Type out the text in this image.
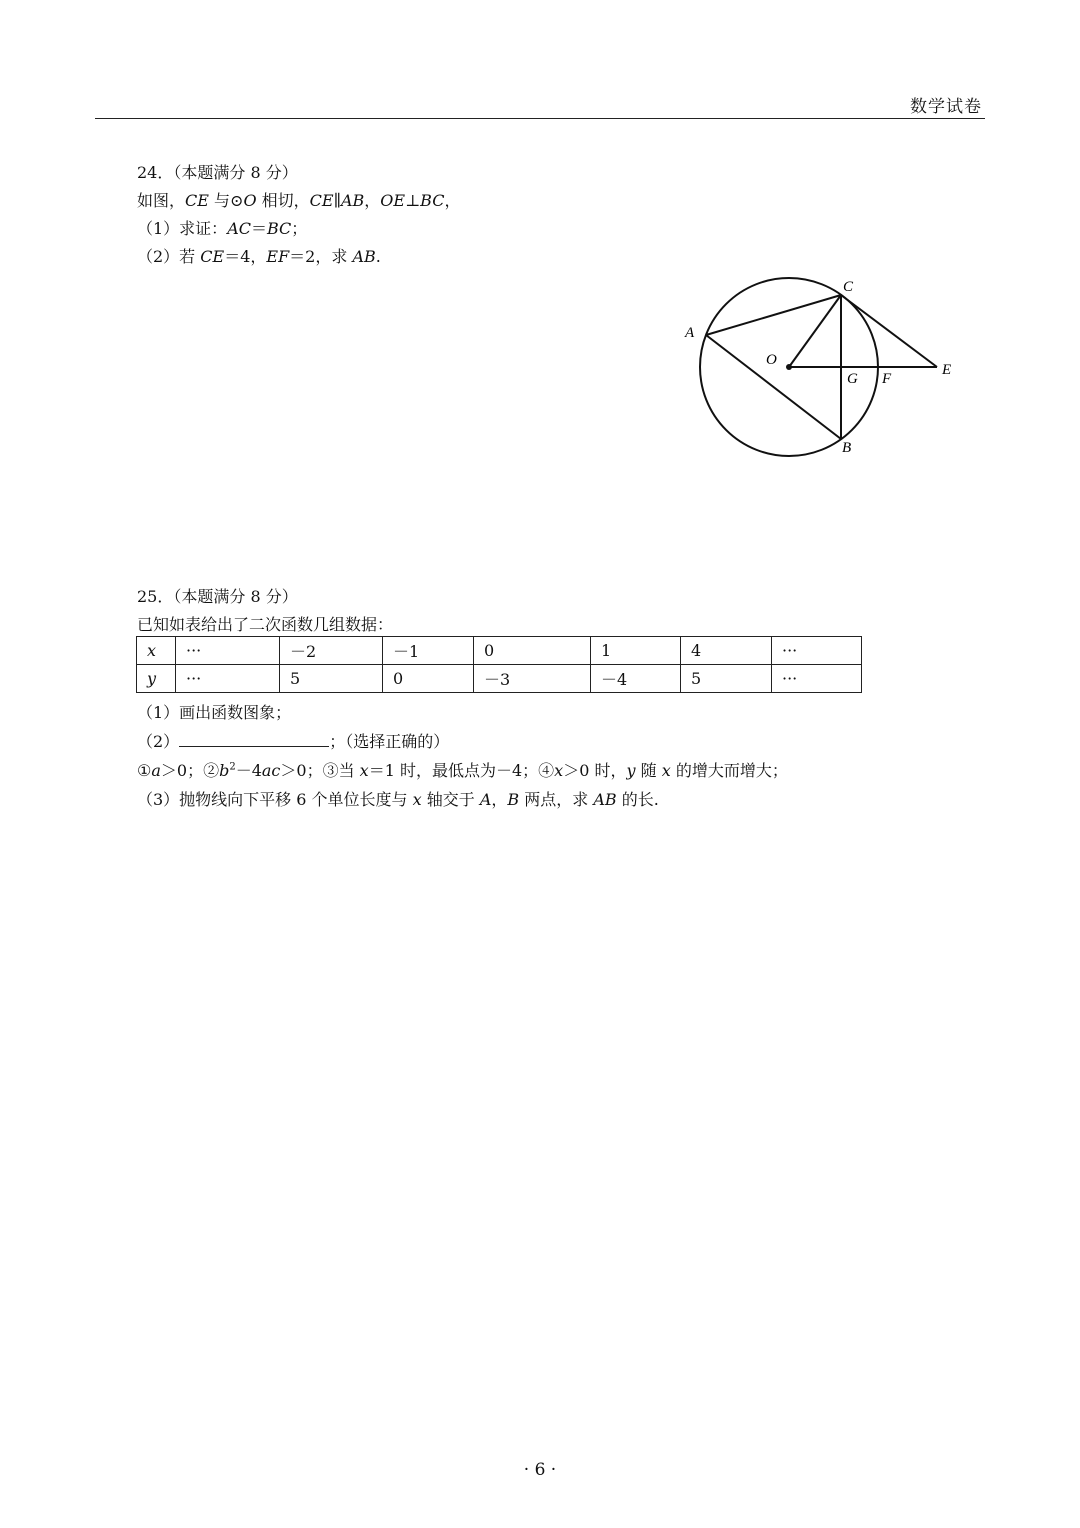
数学试卷
24．（本题满分 8 分）
如图，CE 与⊙O 相切，CE∥AB，OE⊥BC，
（1）求证：AC＝BC；
（2）若 CE＝4，EF＝2，求 AB.
C
A
O
G F
E
B
25．（本题满分 8 分）
已知如表给出了二次函数几组数据：
x	···	－2	－1	0	1	4	···
y	···	5	0	－3	－4	5	···
（1）画出函数图象；
（2）	；（选择正确的）
①a＞0；$②b^2-4ac>0$；③当 x＝1 时，最低点为－4；④x＞0 时，y 随 x 的增大而增大；
（3）抛物线向下平移 6 个单位长度与 x 轴交于 A，B 两点，求 AB 的长.
· 6 ·
